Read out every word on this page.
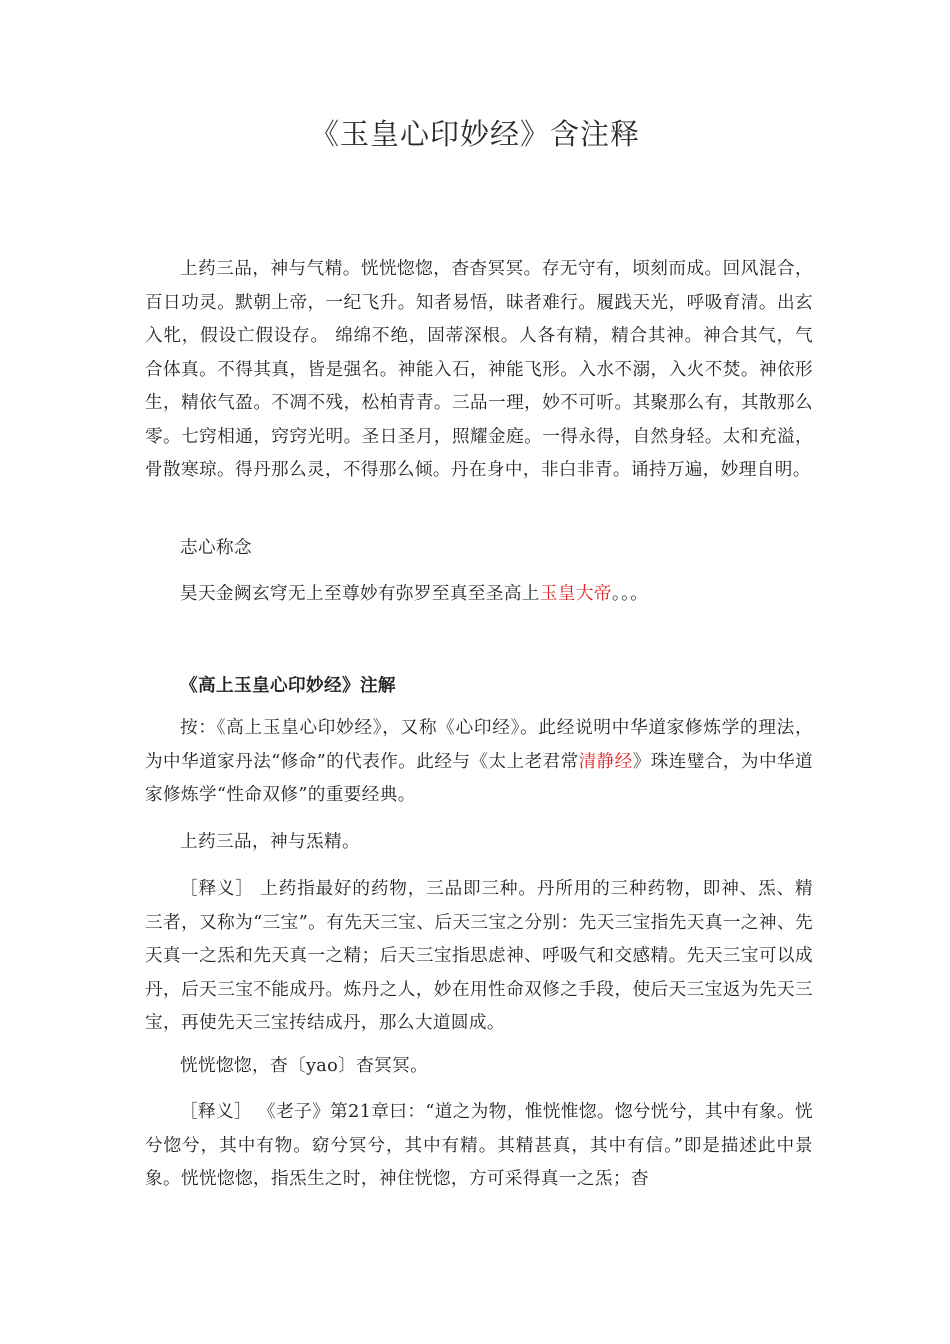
《玉皇心印妙经》含注释

上药三品，神与气精。恍恍惚惚，杳杳冥冥。存无守有，顷刻而成。回风混合，百日功灵。默朝上帝，一纪飞升。知者易悟，昧者难行。履践天光，呼吸育清。出玄入牝，假设亡假设存。 绵绵不绝，固蒂深根。人各有精，精合其神。神合其气，气合体真。不得其真，皆是强名。神能入石，神能飞形。入水不溺，入火不焚。神依形生，精依气盈。不凋不残，松柏青青。三品一理，妙不可听。其聚那么有，其散那么零。七窍相通，窍窍光明。圣日圣月，照耀金庭。一得永得，自然身轻。太和充溢，骨散寒琼。得丹那么灵，不得那么倾。丹在身中，非白非青。诵持万遍，妙理自明。

志心称念

昊天金阙玄穹无上至尊妙有弥罗至真至圣高上玉皇大帝。。。

《高上玉皇心印妙经》注解

按：《高上玉皇心印妙经》，又称《心印经》。此经说明中华道家修炼学的理法，为中华道家丹法“修命”的代表作。此经与《太上老君常清静经》珠连璧合，为中华道家修炼学“性命双修”的重要经典。

上药三品，神与炁精。

［释义］ 上药指最好的药物，三品即三种。丹所用的三种药物，即神、炁、精三者，又称为“三宝”。有先天三宝、后天三宝之分别：先天三宝指先天真一之神、先天真一之炁和先天真一之精；后天三宝指思虑神、呼吸气和交感精。先天三宝可以成丹，后天三宝不能成丹。炼丹之人，妙在用性命双修之手段，使后天三宝返为先天三宝，再使先天三宝抟结成丹，那么大道圆成。

恍恍惚惚，杳〔yao〕杳冥冥。

［释义］ 《老子》第21章曰：“道之为物，惟恍惟惚。惚兮恍兮，其中有象。恍兮惚兮，其中有物。窈兮冥兮，其中有精。其精甚真，其中有信。”即是描述此中景象。恍恍惚惚，指炁生之时，神住恍惚，方可采得真一之炁；杳
